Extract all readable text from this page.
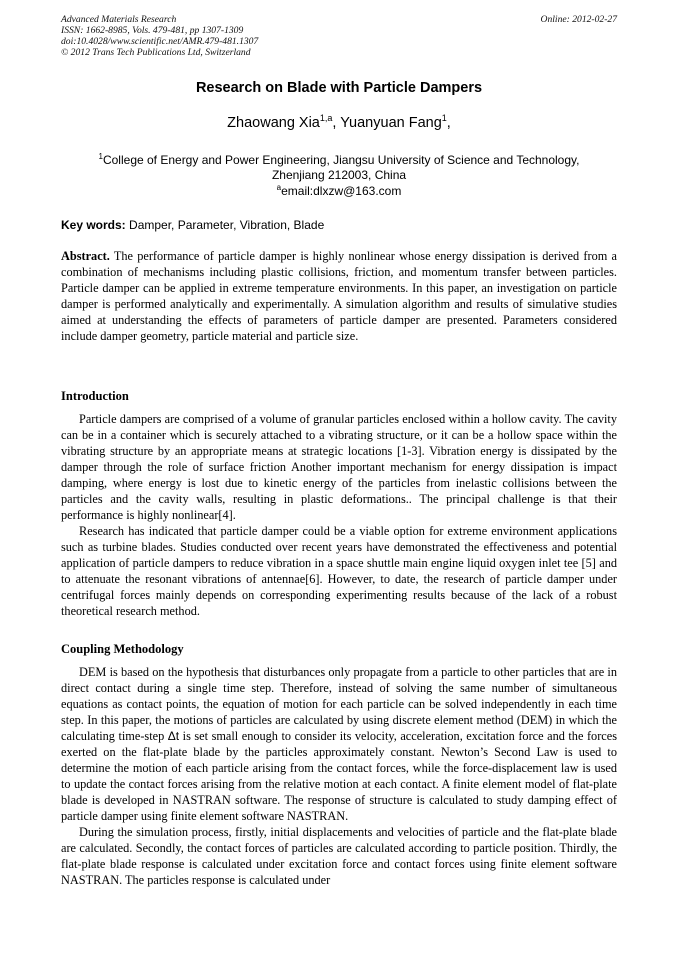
Advanced Materials Research
ISSN: 1662-8985, Vols. 479-481, pp 1307-1309
doi:10.4028/www.scientific.net/AMR.479-481.1307
© 2012 Trans Tech Publications Ltd, Switzerland
Online: 2012-02-27
Research on Blade with Particle Dampers
Zhaowang Xia$^{1,a}$, Yuanyuan Fang$^1$,
$^1$College of Energy and Power Engineering, Jiangsu University of Science and Technology,
Zhenjiang 212003, China
$^a$email:dlxzw@163.com
Key words: Damper, Parameter, Vibration, Blade

Abstract. The performance of particle damper is highly nonlinear whose energy dissipation is derived from a combination of mechanisms including plastic collisions, friction, and momentum transfer between particles. Particle damper can be applied in extreme temperature environments. In this paper, an investigation on particle damper is performed analytically and experimentally. A simulation algorithm and results of simulative studies aimed at understanding the effects of parameters of particle damper are presented. Parameters considered include damper geometry, particle material and particle size.

Introduction

Particle dampers are comprised of a volume of granular particles enclosed within a hollow cavity. The cavity can be in a container which is securely attached to a vibrating structure, or it can be a hollow space within the vibrating structure by an appropriate means at strategic locations [1-3]. Vibration energy is dissipated by the damper through the role of surface friction Another important mechanism for energy dissipation is impact damping, where energy is lost due to kinetic energy of the particles from inelastic collisions between the particles and the cavity walls, resulting in plastic deformations.. The principal challenge is that their performance is highly nonlinear[4].

Research has indicated that particle damper could be a viable option for extreme environment applications such as turbine blades. Studies conducted over recent years have demonstrated the effectiveness and potential application of particle dampers to reduce vibration in a space shuttle main engine liquid oxygen inlet tee [5] and to attenuate the resonant vibrations of antennae[6]. However, to date, the research of particle damper under centrifugal forces mainly depends on corresponding experimenting results because of the lack of a robust theoretical research method.

Coupling Methodology

DEM is based on the hypothesis that disturbances only propagate from a particle to other particles that are in direct contact during a single time step. Therefore, instead of solving the same number of simultaneous equations as contact points, the equation of motion for each particle can be solved independently in each time step. In this paper, the motions of particles are calculated by using discrete element method (DEM) in which the calculating time-step Δt is set small enough to consider its velocity, acceleration, excitation force and the forces exerted on the flat-plate blade by the particles approximately constant. Newton’s Second Law is used to determine the motion of each particle arising from the contact forces, while the force-displacement law is used to update the contact forces arising from the relative motion at each contact. A finite element model of flat-plate blade is developed in NASTRAN software. The response of structure is calculated to study damping effect of particle damper using finite element software NASTRAN.

During the simulation process, firstly, initial displacements and velocities of particle and the flat-plate blade are calculated. Secondly, the contact forces of particles are calculated according to particle position. Thirdly, the flat-plate blade response is calculated under excitation force and contact forces using finite element software NASTRAN. The particles response is calculated under
